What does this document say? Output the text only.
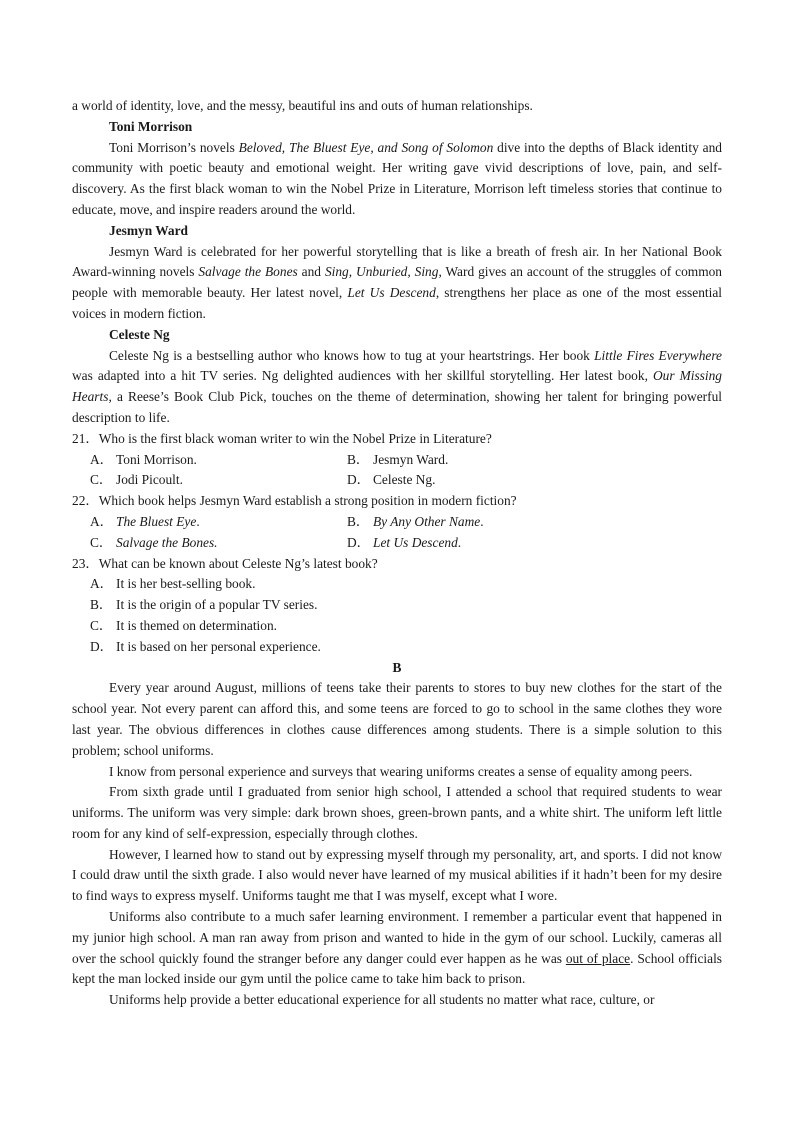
a world of identity, love, and the messy, beautiful ins and outs of human relationships.

Toni Morrison

Toni Morrison’s novels Beloved, The Bluest Eye, and Song of Solomon dive into the depths of Black identity and community with poetic beauty and emotional weight. Her writing gave vivid descriptions of love, pain, and self-discovery. As the first black woman to win the Nobel Prize in Literature, Morrison left timeless stories that continue to educate, move, and inspire readers around the world.

Jesmyn Ward

Jesmyn Ward is celebrated for her powerful storytelling that is like a breath of fresh air. In her National Book Award-winning novels Salvage the Bones and Sing, Unburied, Sing, Ward gives an account of the struggles of common people with memorable beauty. Her latest novel, Let Us Descend, strengthens her place as one of the most essential voices in modern fiction.

Celeste Ng

Celeste Ng is a bestselling author who knows how to tug at your heartstrings. Her book Little Fires Everywhere was adapted into a hit TV series. Ng delighted audiences with her skillful storytelling. Her latest book, Our Missing Hearts, a Reese’s Book Club Pick, touches on the theme of determination, showing her talent for bringing powerful description to life.

21．Who is the first black woman writer to win the Nobel Prize in Literature?

A． Toni Morrison.	B． Jesmyn Ward.
C． Jodi Picoult.	D． Celeste Ng.

22．Which book helps Jesmyn Ward establish a strong position in modern fiction?

A． The Bluest Eye.	B． By Any Other Name.
C． Salvage the Bones.	D． Let Us Descend.

23．What can be known about Celeste Ng’s latest book?

A． It is her best-selling book.

B． It is the origin of a popular TV series.

C． It is themed on determination.

D． It is based on her personal experience.

B

Every year around August, millions of teens take their parents to stores to buy new clothes for the start of the school year. Not every parent can afford this, and some teens are forced to go to school in the same clothes they wore last year. The obvious differences in clothes cause differences among students. There is a simple solution to this problem; school uniforms.

I know from personal experience and surveys that wearing uniforms creates a sense of equality among peers.

From sixth grade until I graduated from senior high school, I attended a school that required students to wear uniforms. The uniform was very simple: dark brown shoes, green-brown pants, and a white shirt. The uniform left little room for any kind of self-expression, especially through clothes.

However, I learned how to stand out by expressing myself through my personality, art, and sports. I did not know I could draw until the sixth grade. I also would never have learned of my musical abilities if it hadn’t been for my desire to find ways to express myself. Uniforms taught me that I was myself, except what I wore.

Uniforms also contribute to a much safer learning environment. I remember a particular event that happened in my junior high school. A man ran away from prison and wanted to hide in the gym of our school. Luckily, cameras all over the school quickly found the stranger before any danger could ever happen as he was out of place. School officials kept the man locked inside our gym until the police came to take him back to prison.

Uniforms help provide a better educational experience for all students no matter what race, culture, or
